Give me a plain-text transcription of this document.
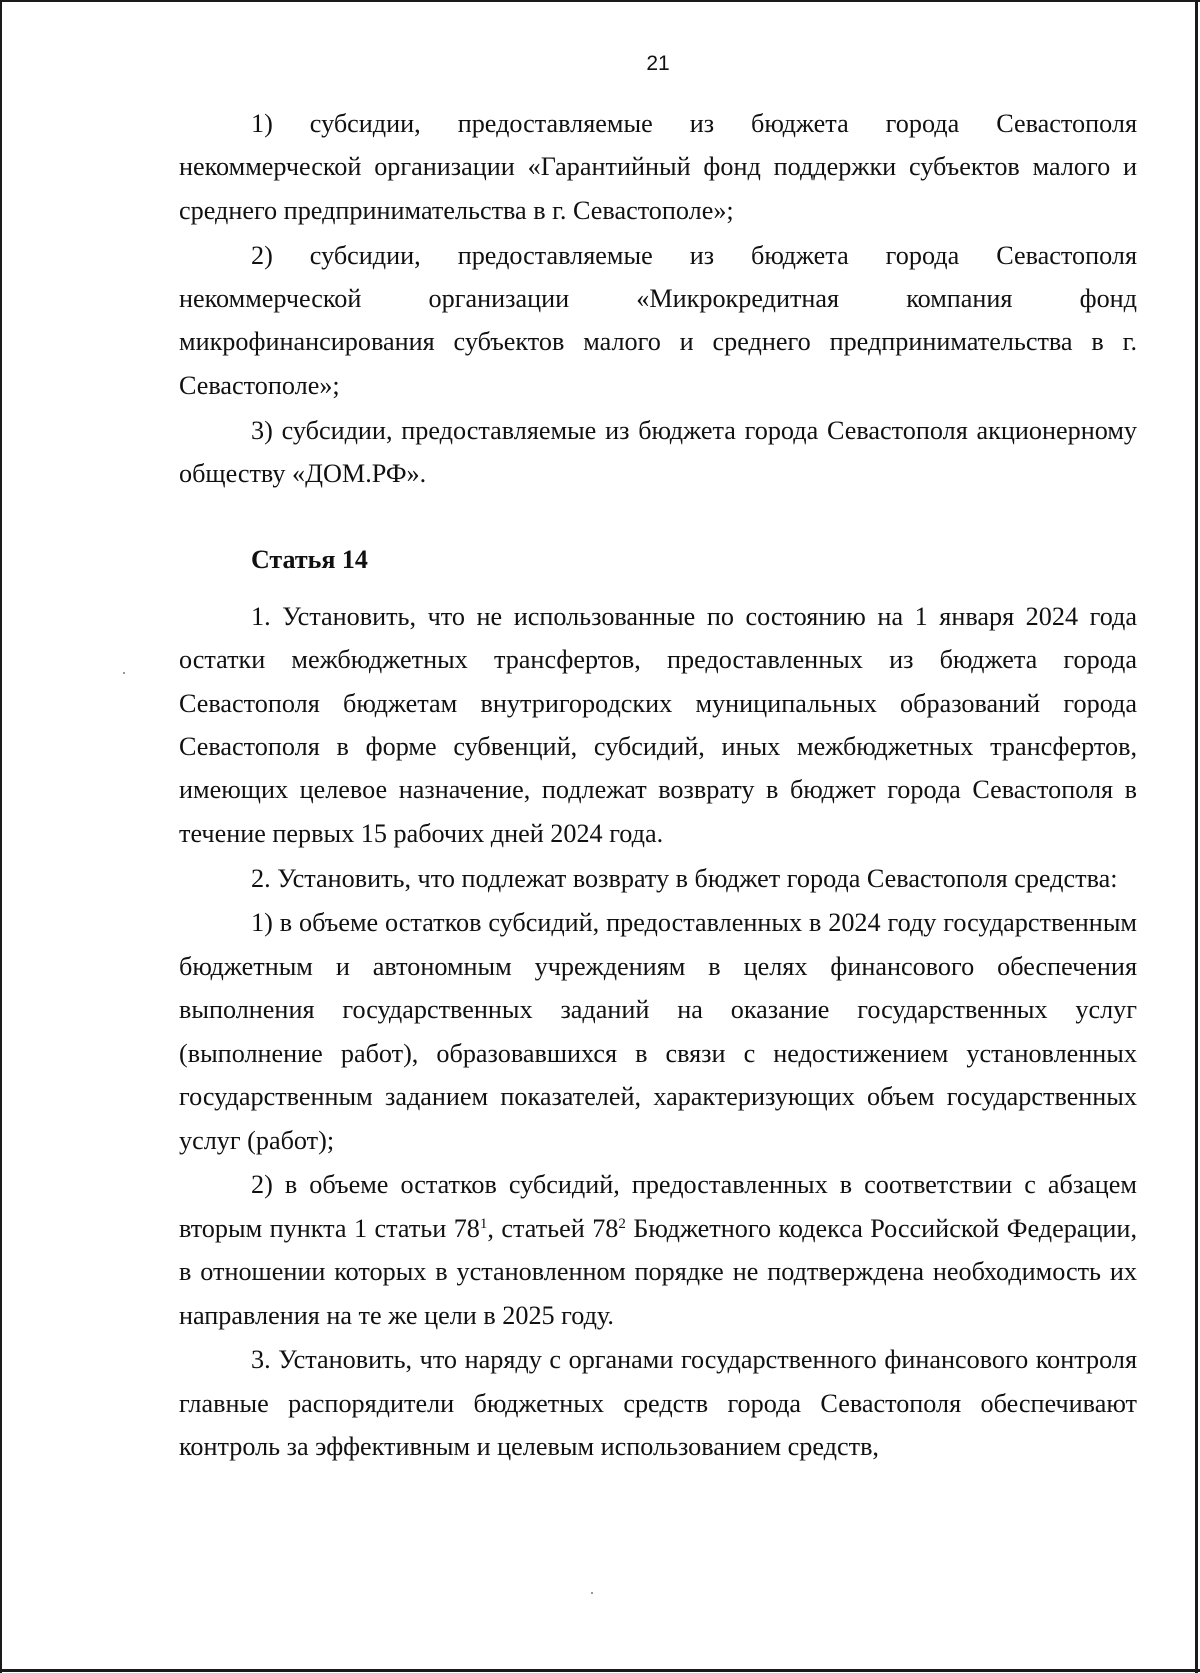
21

1) субсидии, предоставляемые из бюджета города Севастополя некоммерческой организации «Гарантийный фонд поддержки субъектов малого и среднего предпринимательства в г. Севастополе»;

2) субсидии, предоставляемые из бюджета города Севастополя некоммерческой организации «Микрокредитная компания фонд микрофинансирования субъектов малого и среднего предпринимательства в г. Севастополе»;

3) субсидии, предоставляемые из бюджета города Севастополя акционерному обществу «ДОМ.РФ».

Статья 14

1. Установить, что не использованные по состоянию на 1 января 2024 года остатки межбюджетных трансфертов, предоставленных из бюджета города Севастополя бюджетам внутригородских муниципальных образований города Севастополя в форме субвенций, субсидий, иных межбюджетных трансфертов, имеющих целевое назначение, подлежат возврату в бюджет города Севастополя в течение первых 15 рабочих дней 2024 года.

2. Установить, что подлежат возврату в бюджет города Севастополя средства:

1) в объеме остатков субсидий, предоставленных в 2024 году государственным бюджетным и автономным учреждениям в целях финансового обеспечения выполнения государственных заданий на оказание государственных услуг (выполнение работ), образовавшихся в связи с недостижением установленных государственным заданием показателей, характеризующих объем государственных услуг (работ);

2) в объеме остатков субсидий, предоставленных в соответствии с абзацем вторым пункта 1 статьи $78^1$, статьей $78^2$ Бюджетного кодекса Российской Федерации, в отношении которых в установленном порядке не подтверждена необходимость их направления на те же цели в 2025 году.

3. Установить, что наряду с органами государственного финансового контроля главные распорядители бюджетных средств города Севастополя обеспечивают контроль за эффективным и целевым использованием средств,
